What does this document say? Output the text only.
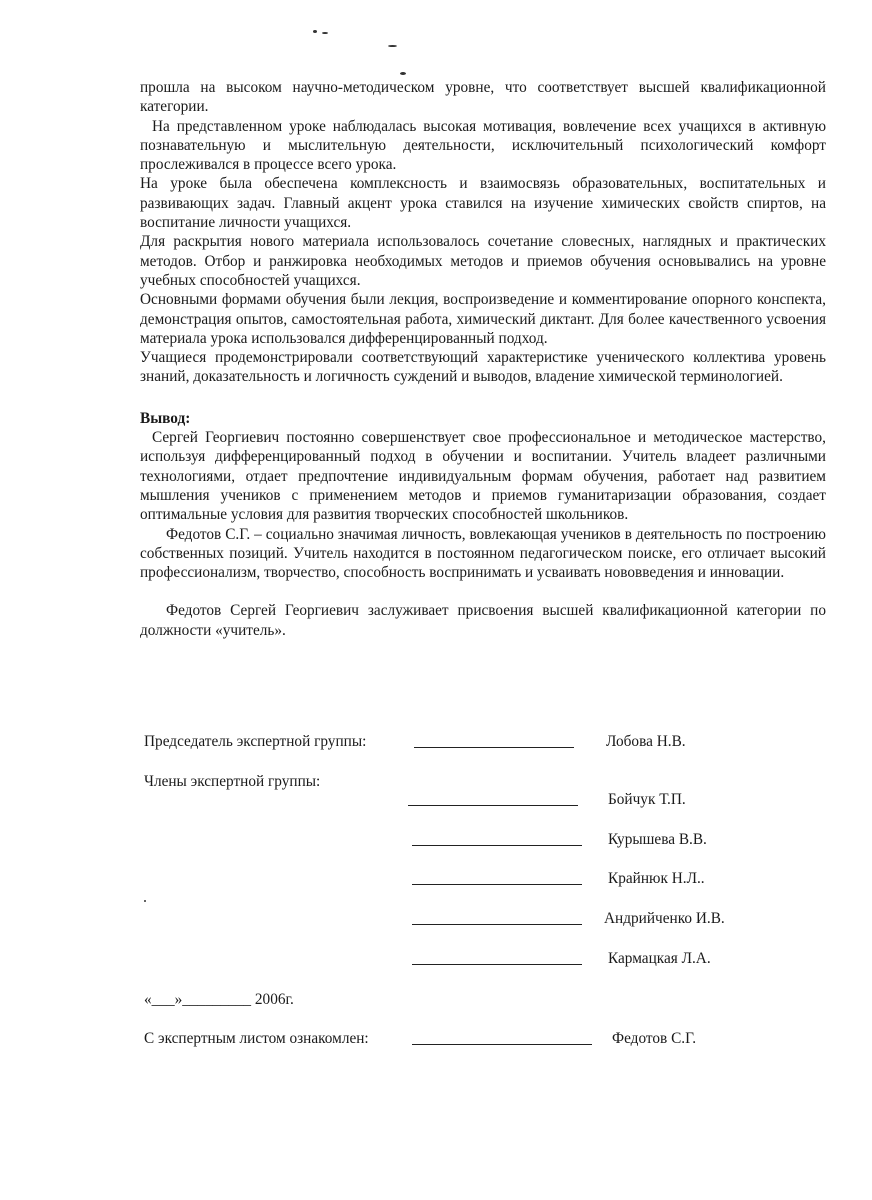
прошла на высоком научно-методическом уровне, что соответствует высшей квалификационной категории.

На представленном уроке наблюдалась высокая мотивация, вовлечение всех учащихся в активную познавательную и мыслительную деятельности, исключительный психологический комфорт прослеживался в процессе всего урока.

На уроке была обеспечена комплексность и взаимосвязь образовательных, воспитательных и развивающих задач. Главный акцент урока ставился на изучение химических свойств спиртов, на воспитание личности учащихся.

Для раскрытия нового материала использовалось сочетание словесных, наглядных и практических методов. Отбор и ранжировка необходимых методов и приемов обучения основывались на уровне учебных способностей учащихся.

Основными формами обучения были лекция, воспроизведение и комментирование опорного конспекта, демонстрация опытов, самостоятельная работа, химический диктант. Для более качественного усвоения материала урока использовался дифференцированный подход.

Учащиеся продемонстрировали соответствующий характеристике ученического коллектива уровень знаний, доказательность и логичность суждений и выводов, владение химической терминологией.

Вывод:

Сергей Георгиевич постоянно совершенствует свое профессиональное и методическое мастерство, используя дифференцированный подход в обучении и воспитании. Учитель владеет различными технологиями, отдает предпочтение индивидуальным формам обучения, работает над развитием мышления учеников с применением методов и приемов гуманитаризации образования, создает оптимальные условия для развития творческих способностей школьников.

Федотов С.Г. – социально значимая личность, вовлекающая учеников в деятельность по построению собственных позиций. Учитель находится в постоянном педагогическом поиске, его отличает высокий профессионализм, творчество, способность воспринимать и усваивать нововведения и инновации.

Федотов Сергей Георгиевич заслуживает присвоения высшей квалификационной категории по должности «учитель».

Председатель экспертной группы:	Лобова Н.В.
Члены экспертной группы:
Бойчук Т.П.
Курышева В.В.
Крайнюк Н.Л..
Андрийченко И.В.
Кармацкая Л.А.
«___»_________ 2006г.
С экспертным листом ознакомлен:	Федотов С.Г.
